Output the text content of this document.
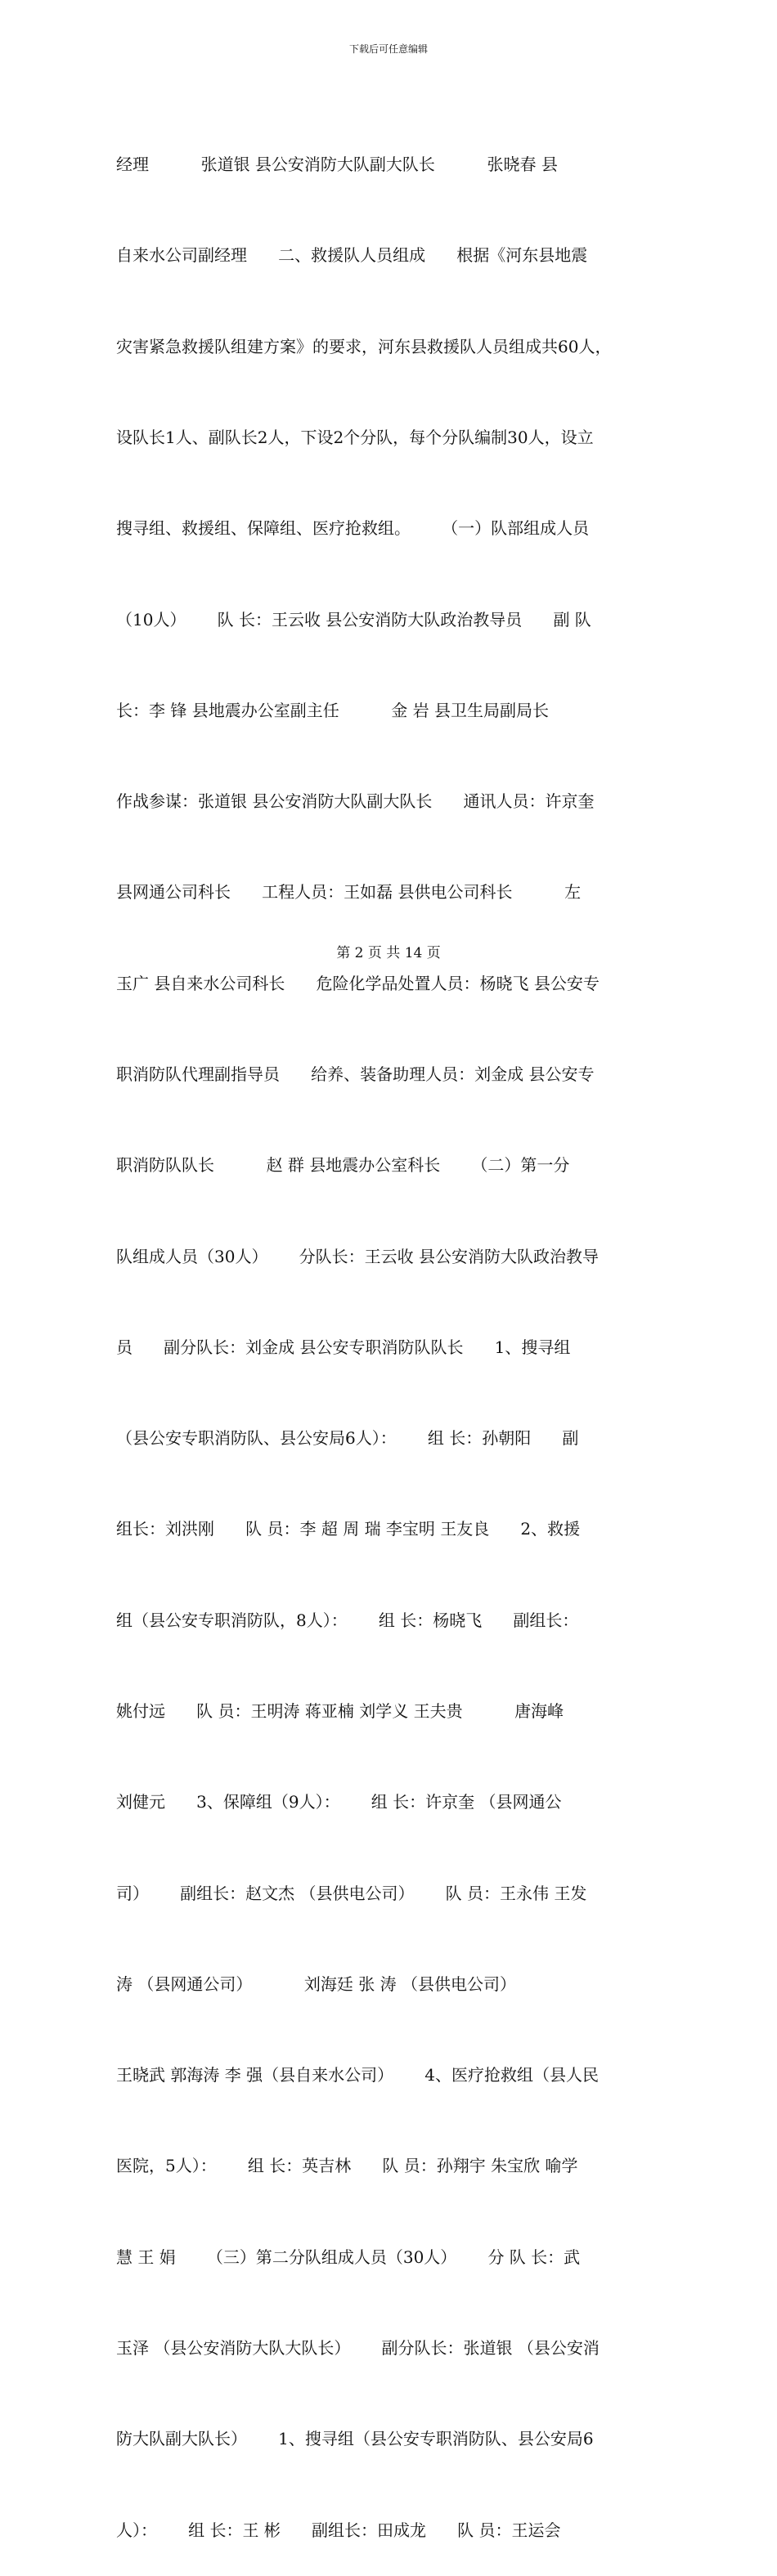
下载后可任意编辑

经理          张道银 县公安消防大队副大队长          张晓春 县

自来水公司副经理      二、救援队人员组成      根据《河东县地震

灾害紧急救援队组建方案》的要求，河东县救援队人员组成共60人，

设队长1人、副队长2人，下设2个分队，每个分队编制30人，设立

搜寻组、救援组、保障组、医疗抢救组。      （一）队部组成人员

（10人）      队 长：王云收 县公安消防大队政治教导员      副 队

长：李 锋 县地震办公室副主任          金 岩 县卫生局副局长

作战参谋：张道银 县公安消防大队副大队长      通讯人员：许京奎

县网通公司科长      工程人员：王如磊 县供电公司科长          左

玉广 县自来水公司科长      危险化学品处置人员：杨晓飞 县公安专

职消防队代理副指导员      给养、装备助理人员：刘金成 县公安专

职消防队队长          赵 群 县地震办公室科长      （二）第一分

队组成人员（30人）      分队长：王云收 县公安消防大队政治教导

员      副分队长：刘金成 县公安专职消防队队长      1、搜寻组

（县公安专职消防队、县公安局6人）：      组 长：孙朝阳      副

组长：刘洪刚      队 员：李 超 周 瑞 李宝明 王友良      2、救援

组（县公安专职消防队，8人）：      组 长：杨晓飞      副组长：

姚付远      队 员：王明涛 蒋亚楠 刘学义 王夫贵          唐海峰

刘健元      3、保障组（9人）：      组 长：许京奎 （县网通公

司）      副组长：赵文杰 （县供电公司）      队 员：王永伟 王发

涛 （县网通公司）          刘海廷 张 涛 （县供电公司）

王晓武 郭海涛 李 强（县自来水公司）      4、医疗抢救组（县人民

医院，5人）：      组 长：英吉林      队 员：孙翔宇 朱宝欣 喻学

慧 王 娟      （三）第二分队组成人员（30人）      分 队 长：武

玉泽 （县公安消防大队大队长）      副分队长：张道银 （县公安消

防大队副大队长）      1、搜寻组（县公安专职消防队、县公安局6

人）：      组 长：王 彬      副组长：田成龙      队 员：王运会

第 2 页 共 14 页
